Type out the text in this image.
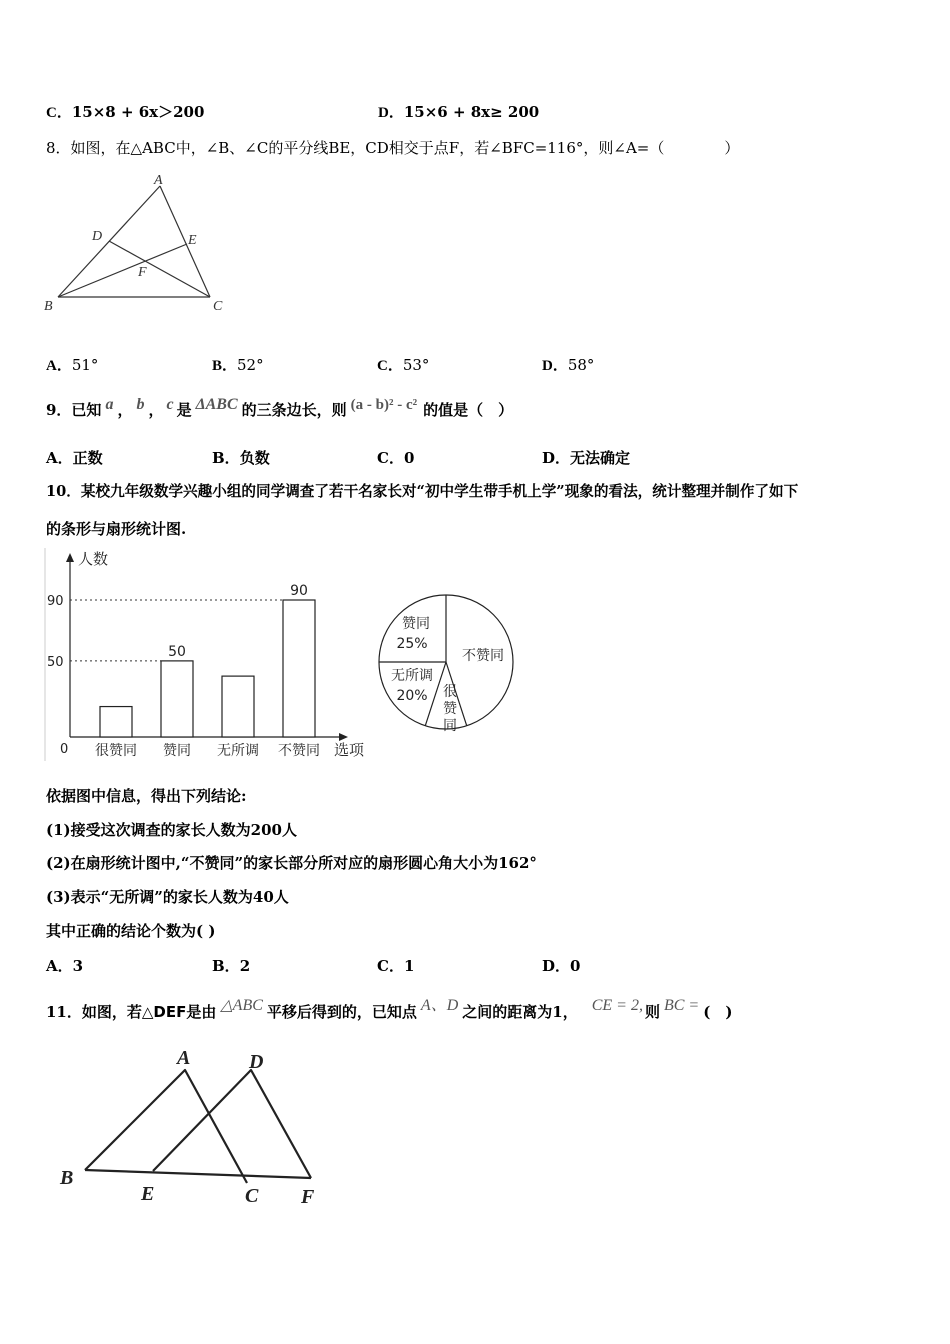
C．15×8 + 6x＞200	D．15×6 + 8x≥ 200
8．如图，在△ABC中，∠B、∠C的平分线BE，CD相交于点F，若∠BFC=116°，则∠A=（　　　　）
A
B	C
D	E
F
A．51°	B．52°	C．53°	D．58°
9．已知 a ， b ， c 是 ΔABC 的三条边长，则 (a - b)² - c² 的值是（　）
A．正数	B．负数	C．0	D．无法确定
10．某校九年级数学兴趣小组的同学调查了若干名家长对“初中学生带手机上学”现象的看法，统计整理并制作了如下
的条形与扇形统计图.
人数
选项
0
50
90
50
90
很赞同 赞同 无所调 不赞同
赞同
25%
不赞同
无所调
20% 很
赞
同
依据图中信息，得出下列结论:
(1)接受这次调查的家长人数为200人
(2)在扇形统计图中,“不赞同”的家长部分所对应的扇形圆心角大小为162°
(3)表示“无所调”的家长人数为40人
其中正确的结论个数为( )
A．3	B．2	C．1	D．0
11．如图，若△DEF是由 △ABC 平移后得到的，已知点 A、D 之间的距离为1， CE = 2, 则 BC = (　)
A
B
C
D
E	F
